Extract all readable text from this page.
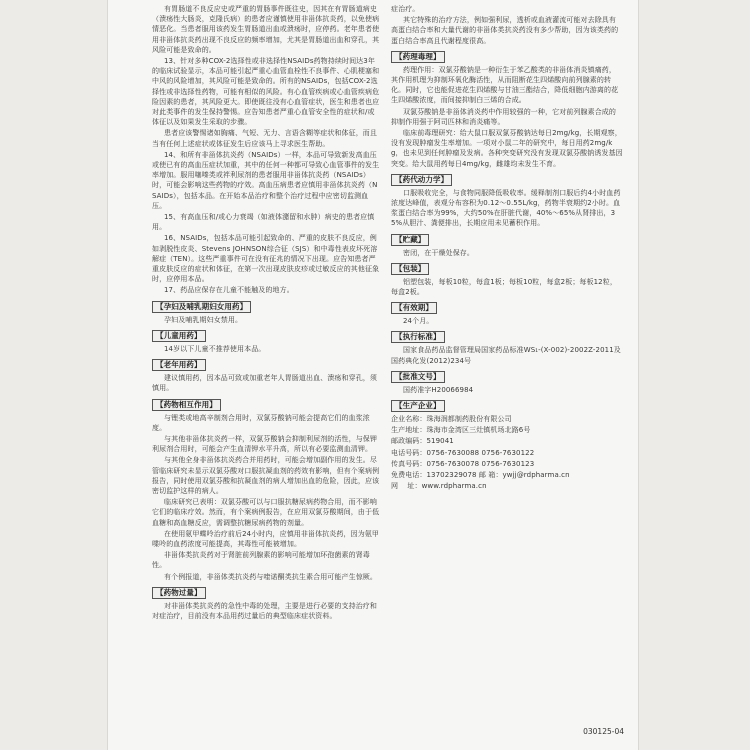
有胃肠道不良反应史或严重的胃肠事件既往史，因其在有胃肠道病史（溃疡性大肠炎，克隆氏病）的患者应谨慎使用非甾体抗炎药，以免使病情恶化。当患者服用该药发生胃肠道出血或溃疡时，应停药。老年患者使用非甾体抗炎药出现不良反应的频率增加，尤其是胃肠道出血和穿孔，其风险可能是致命的。

13、针对多种COX-2选择性或非选择性NSAIDs药物持续时间达3年的临床试验显示，本品可能引起严重心血管血栓性不良事件、心肌梗塞和中风的风险增加，其风险可能是致命的。所有的NSAIDs，包括COX-2选择性或非选择性药物，可能有相似的风险。有心血管疾病或心血管疾病危险因素的患者，其风险更大。即使既往没有心血管症状，医生和患者也应对此类事件的发生保持警惕。应告知患者严重心血管安全性的症状和/或体征以及如果发生采取的步骤。

患者应该警惕诸如胸痛、气短、无力、言语含糊等症状和体征，而且当有任何上述症状或体征发生后应该马上寻求医生帮助。

14、和所有非甾体抗炎药（NSAIDs）一样，本品可导致新发高血压或使已有的高血压症状加重，其中的任何一种都可导致心血管事件的发生率增加。服用噻嗪类或袢利尿剂的患者服用非甾体抗炎药（NSAIDs）时，可能会影响这些药物的疗效。高血压病患者应慎用非甾体抗炎药（NSAIDs），包括本品。在开始本品治疗和整个治疗过程中应密切监测血压。

15、有高血压和/或心力衰竭（如液体潴留和水肿）病史的患者应慎用。

16、NSAIDs，包括本品可能引起致命的、严重的皮肤不良反应，例如剥脱性皮炎、Stevens JOHNSON综合征（SJS）和中毒性表皮坏死溶解症（TEN）。这些严重事件可在没有征兆的情况下出现。应告知患者严重皮肤反应的症状和体征，在第一次出现皮肤皮疹或过敏反应的其他征象时，应停用本品。

17、药品应保存在儿童不能触及的地方。

【孕妇及哺乳期妇女用药】

孕妇及哺乳期妇女禁用。

【儿童用药】

14岁以下儿童不推荐使用本品。

【老年用药】

建议慎用药，因本品可致或加重老年人胃肠道出血、溃疡和穿孔，须慎用。

【药物相互作用】

与锂类或地高辛制剂合用时，双氯芬酸钠可能会提高它们的血浆浓度。

与其他非甾体抗炎药一样，双氯芬酸钠会抑制利尿剂的活性，与保钾利尿剂合用时，可能会产生血清钾水平升高，所以有必要监测血清钾。

与其他全身非甾体抗炎药合并用药时，可能会增加副作用的发生。尽管临床研究未显示双氯芬酸对口服抗凝血剂的药效有影响，但有个案病例报告，同时使用双氯芬酸和抗凝血剂的病人增加出血的危险，因此，应该密切监护这样的病人。

临床研究已表明：双氯芬酸可以与口服抗糖尿病药物合用，而不影响它们的临床疗效。然而，有个案病例报告，在应用双氯芬酸期间，由于低血糖和高血糖反应，需调整抗糖尿病药物的剂量。

在使用氨甲蝶呤治疗前后24小时内，应慎用非甾体抗炎药，因为氨甲喋呤的血药浓度可能提高，其毒性可能被增加。

非甾体类抗炎药对于肾脏前列腺素的影响可能增加环孢菌素的肾毒性。

有个例报道，非甾体类抗炎药与喹诺酮类抗生素合用可能产生惊厥。

【药物过量】

对非甾体类抗炎药的急性中毒的处理，主要是进行必要的支持治疗和对症治疗，目前没有本品用药过量后的典型临床症状资料。

症治疗。

其它特殊的治疗方法，例如强利尿，透析或血液灌流可能对去除具有高蛋白结合率和大量代谢的非甾体类抗炎药没有多少帮助，因为该类药的蛋白结合率高且代谢程度很高。

【药理毒理】

药理作用：双氯芬酸钠是一种衍生于苯乙酸类的非甾体消炎镇痛药，其作用机理为抑制环氧化酶活性，从而阻断花生四烯酸向前列腺素的转化。同时，它也能促进花生四烯酸与甘油三酯结合，降低细胞内游离的花生四烯酸浓度，而间接抑制白三烯的合成。

双氯芬酸钠是非甾体消炎药中作用较强的一种，它对前列腺素合成的抑制作用强于阿司匹林和消炎痛等。

临床前毒理研究：给大鼠口服双氯芬酸钠达每日2mg/kg，长期观察，没有发现肿瘤发生率增加。一项对小鼠二年的研究中，每日用药2mg/kg，也未见到任何肿瘤及发病。各种突变研究没有发现双氯芬酸钠诱发基因突变。给大鼠用药每日4mg/kg，雌雄均未发生不育。

【药代动力学】

口服吸收完全，与食物同服降低吸收率。缓释制剂口服后约4小时血药浓度达峰值，表观分布容积为0.12～0.55L/kg，药物半衰期约2小时。血浆蛋白结合率为99%，大约50%在肝脏代谢，40%～65%从肾排出，35%从胆汁、粪便排出，长期应用未见蓄积作用。

【贮藏】

密闭，在干燥处保存。

【包装】

铝塑包装，每板10粒，每盒1板；每板10粒，每盒2板；每板12粒，每盒2板。

【有效期】

24个月。

【执行标准】

国家食品药品监督管理局国家药品标准WS₁-(X-002)-2002Z-2011及国药典化发(2012)234号

【批准文号】

国药准字H20066984

【生产企业】
企业名称： 珠海润都制药股份有限公司
生产地址： 珠海市金湾区三灶镇机场北路6号
邮政编码： 519041
电话号码： 0756-7630088 0756-7630122
传真号码： 0756-7630078 0756-7630123
免费电话： 13702329078 邮 箱：ywjj@rdpharma.cn
网    址： www.rdpharma.cn
030125-04
